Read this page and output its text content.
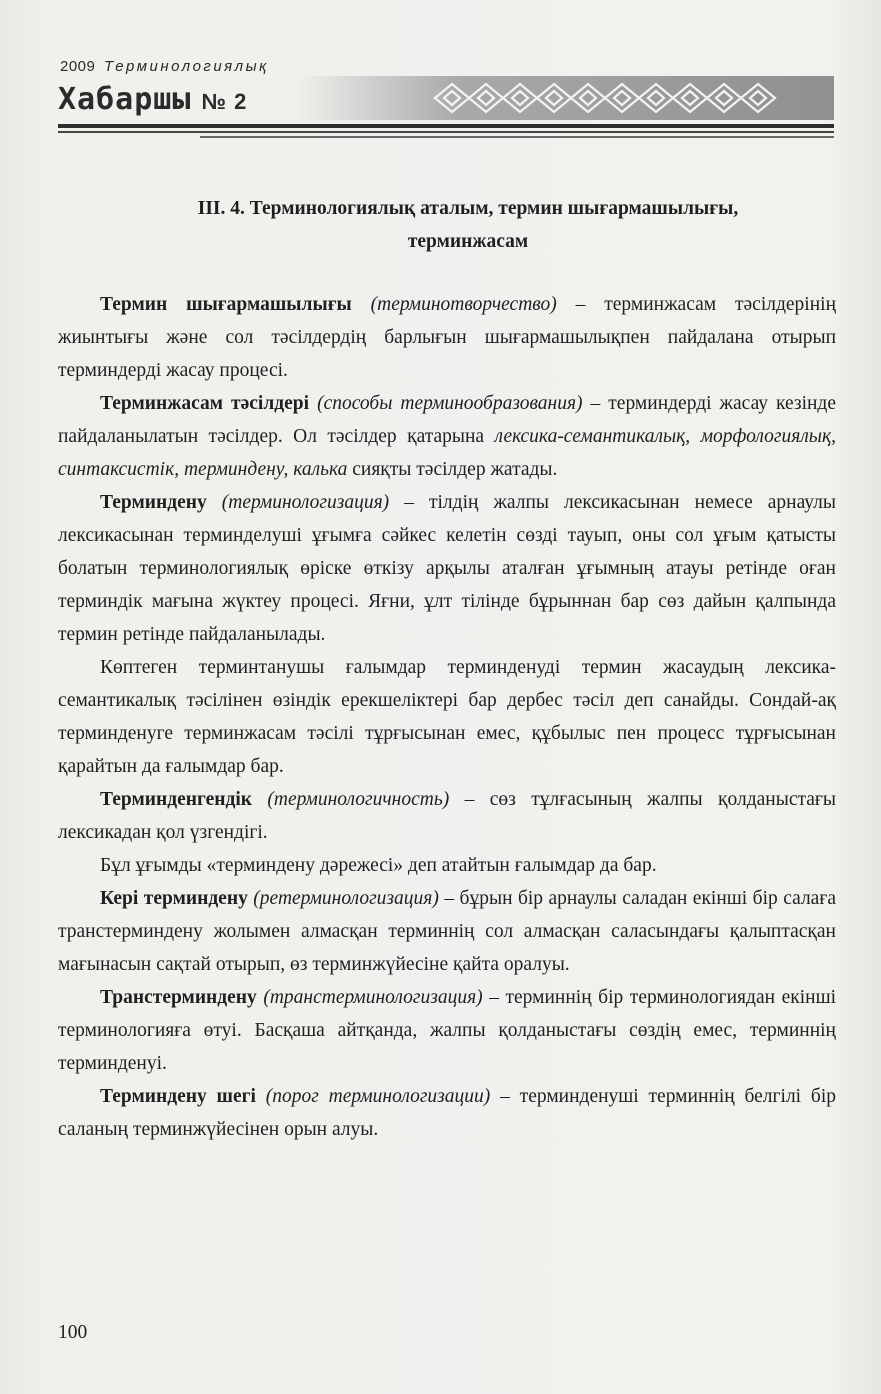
2009 Терминологиялық
Хабаршы № 2
ІІІ. 4. Терминологиялық аталым, термин шығармашылығы,
терминжасам

Термин шығармашылығы (терминотворчество) – терминжасам тәсілдерінің жиынтығы және сол тәсілдердің барлығын шығармашылықпен пайдалана отырып терминдерді жасау процесі.

Терминжасам тәсілдері (способы терминообразования) – терминдерді жасау кезінде пайдаланылатын тәсілдер. Ол тәсілдер қатарына лексика-семантикалық, морфологиялық, синтаксистік, терминдену, калька сияқты тәсілдер жатады.

Терминдену (терминологизация) – тілдің жалпы лексикасынан немесе арнаулы лексикасынан терминделуші ұғымға сәйкес келетін сөзді тауып, оны сол ұғым қатысты болатын терминологиялық өріске өткізу арқылы аталған ұғымның атауы ретінде оған терминдік мағына жүктеу процесі. Яғни, ұлт тілінде бұрыннан бар сөз дайын қалпында термин ретінде пайдаланылады.

Көптеген терминтанушы ғалымдар терминденуді термин жасаудың лексика-семантикалық тәсілінен өзіндік ерекшеліктері бар дербес тәсіл деп санайды. Сондай-ақ терминденуге терминжасам тәсілі тұрғысынан емес, құбылыс пен процесс тұрғысынан қарайтын да ғалымдар бар.

Терминденгендік (терминологичность) – сөз тұлғасының жалпы қолданыстағы лексикадан қол үзгендігі.

Бұл ұғымды «терминдену дәрежесі» деп атайтын ғалымдар да бар.

Кері терминдену (ретерминологизация) – бұрын бір арнаулы саладан екінші бір салаға транстерминдену жолымен алмасқан терминнің сол алмасқан саласындағы қалыптасқан мағынасын сақтай отырып, өз терминжүйесіне қайта оралуы.

Транстерминдену (транстерминологизация) – терминнің бір терминологиядан екінші терминологияға өтуі. Басқаша айтқанда, жалпы қолданыстағы сөздің емес, терминнің терминденуі.

Терминдену шегі (порог терминологизации) – терминденуші терминнің белгілі бір саланың терминжүйесінен орын алуы.

100
